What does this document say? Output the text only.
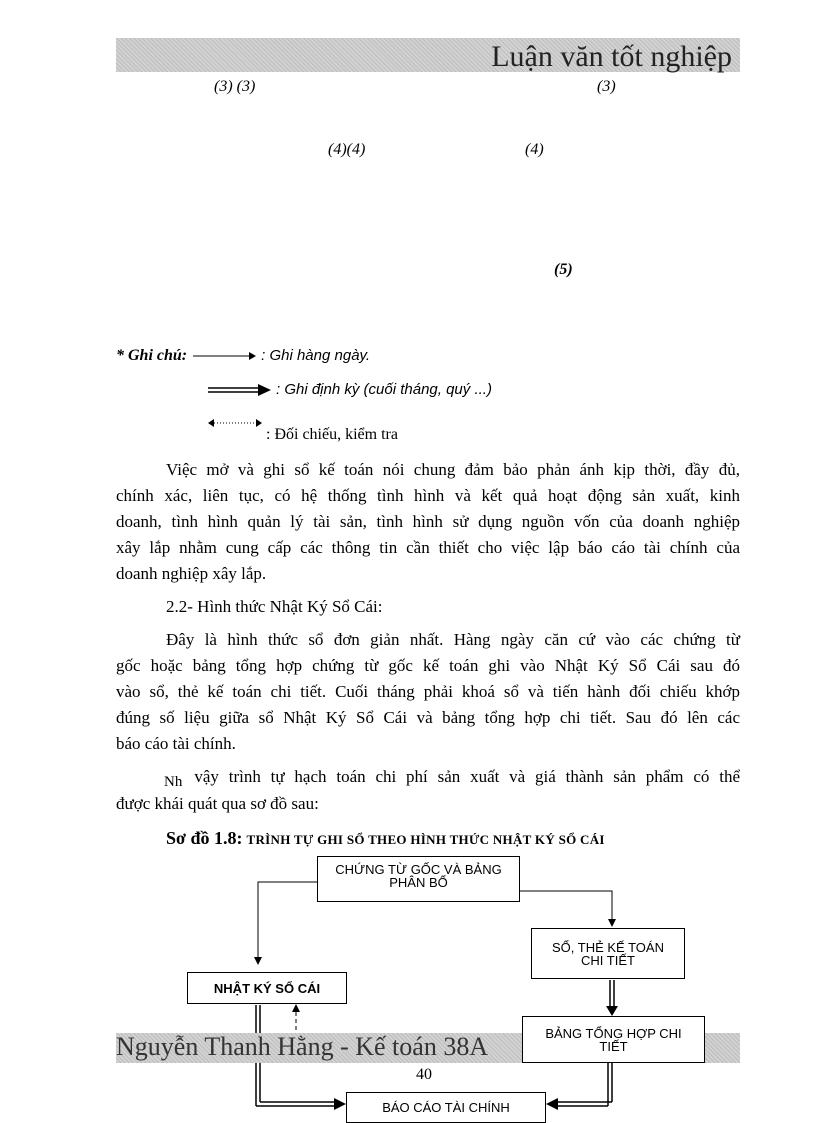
Luận văn tốt nghiệp
(3) (3)	(3)
(4)(4)	(4)
(5)
* Ghi chú:	: Ghi hàng ngày.
: Ghi định kỳ (cuối tháng, quý ...)
: Đối chiếu, kiểm tra
Việc mở và ghi sổ kế toán nói chung đảm bảo phản ánh kịp thời, đầy đủ,
chính xác, liên tục, có hệ thống tình hình và kết quả hoạt động sản xuất, kinh
doanh, tình hình quản lý tài sản, tình hình sử dụng nguồn vốn của doanh nghiệp
xây lắp nhằm cung cấp các thông tin cần thiết cho việc lập báo cáo tài chính của
doanh nghiệp xây lắp.
2.2- Hình thức Nhật Ký Sổ Cái:
Đây là hình thức sổ đơn giản nhất. Hàng ngày căn cứ vào các chứng từ
gốc hoặc bảng tổng hợp chứng từ gốc kế toán ghi vào Nhật Ký Sổ Cái sau đó
vào sổ, thẻ kế toán chi tiết. Cuối tháng phải khoá sổ và tiến hành đối chiếu khớp
đúng số liệu giữa sổ Nhật Ký Sổ Cái và bảng tổng hợp chi tiết. Sau đó lên các
báo cáo tài chính.
Nh vậy trình tự hạch toán chi phí sản xuất và giá thành sản phẩm có thể
được khái quát qua sơ đồ sau:
Sơ đồ 1.8: TRÌNH TỰ GHI SỔ THEO HÌNH THỨC NHẬT KÝ SỔ CÁI
Nguyễn Thanh Hằng - Kế toán 38A
40
CHỨNG TỪ GỐC VÀ BẢNG PHÂN BỔ
SỔ, THẺ KẾ TOÁN CHI TIẾT
NHẬT KÝ SỔ CÁI
BẢNG TỔNG HỢP CHI TIẾT
BÁO CÁO TÀI CHÍNH
